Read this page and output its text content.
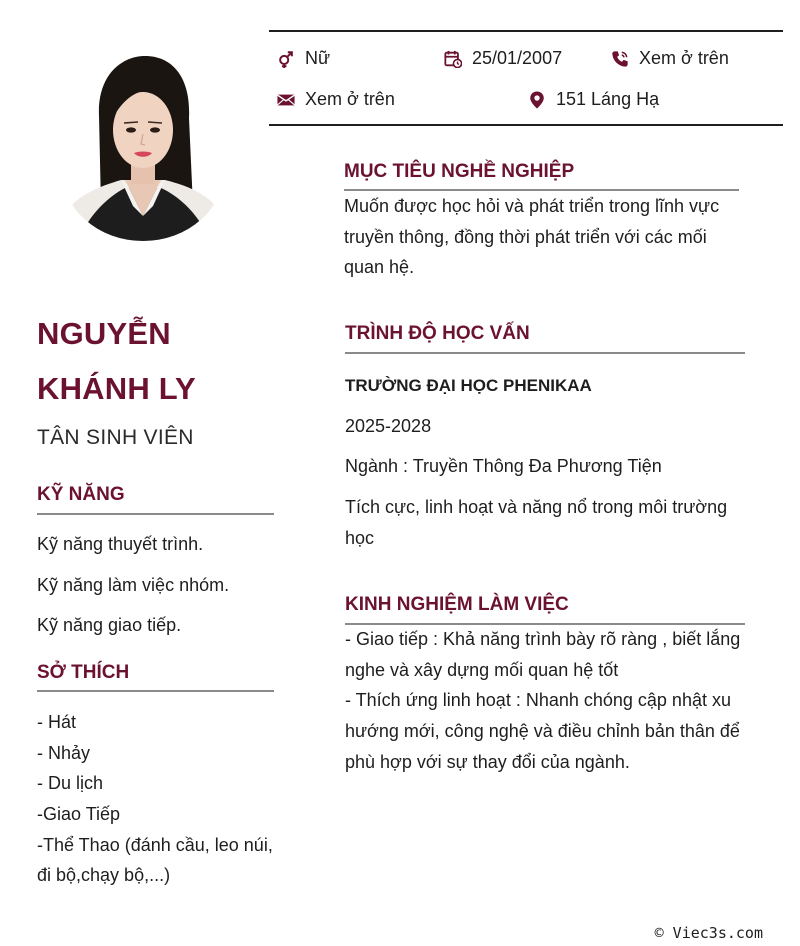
Nữ	25/01/2007	Xem ở trên
Xem ở trên	151 Láng Hạ
NGUYỄN
KHÁNH LY
TÂN SINH VIÊN
KỸ NĂNG
Kỹ năng thuyết trình.
Kỹ năng làm việc nhóm.
Kỹ năng giao tiếp.
SỞ THÍCH
- Hát
- Nhảy
- Du lịch
-Giao Tiếp
-Thể Thao (đánh cầu, leo núi,
đi bộ,chạy bộ,...)
MỤC TIÊU NGHỀ NGHIỆP
Muốn được học hỏi và phát triển trong lĩnh vực
truyền thông, đồng thời phát triển với các mối
quan hệ.
TRÌNH ĐỘ HỌC VẤN
TRƯỜNG ĐẠI HỌC PHENIKAA
2025-2028
Ngành : Truyền Thông Đa Phương Tiện
Tích cực, linh hoạt và năng nổ trong môi trường
học
KINH NGHIỆM LÀM VIỆC
- Giao tiếp : Khả năng trình bày rõ ràng , biết lắng
nghe và xây dựng mối quan hệ tốt
- Thích ứng linh hoạt : Nhanh chóng cập nhật xu
hướng mới, công nghệ và điều chỉnh bản thân để
phù hợp với sự thay đổi của ngành.
© Viec3s.com
